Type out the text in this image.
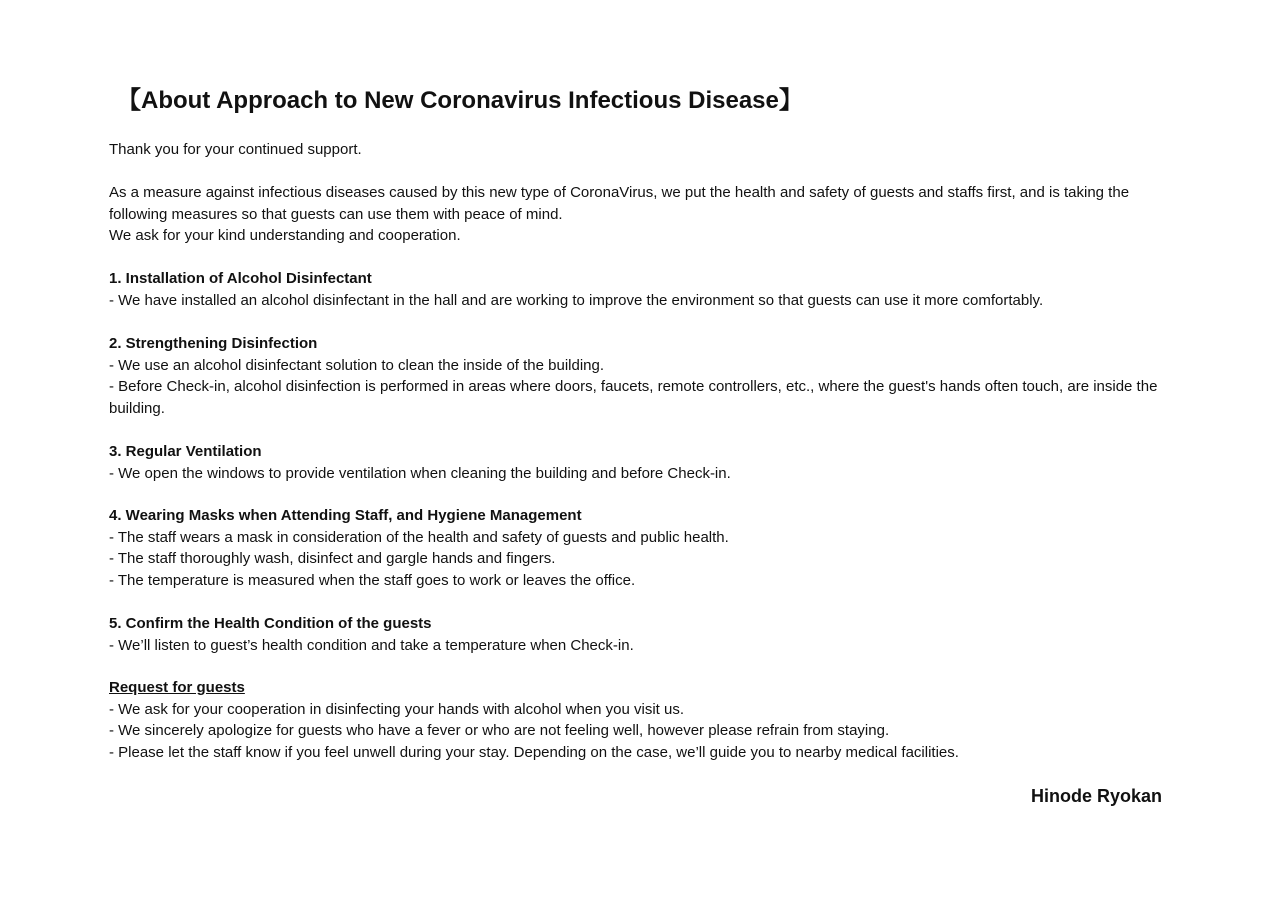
【About Approach to New Coronavirus Infectious Disease】

Thank you for your continued support.

As a measure against infectious diseases caused by this new type of CoronaVirus, we put the health and safety of guests and staffs first, and is taking the following measures so that guests can use them with peace of mind.

We ask for your kind understanding and cooperation.

1. Installation of Alcohol Disinfectant

- We have installed an alcohol disinfectant in the hall and are working to improve the environment so that guests can use it more comfortably.

2. Strengthening Disinfection

- We use an alcohol disinfectant solution to clean the inside of the building.

- Before Check-in, alcohol disinfection is performed in areas where doors, faucets, remote controllers, etc., where the guest's hands often touch, are inside the building.

3. Regular Ventilation

- We open the windows to provide ventilation when cleaning the building and before Check-in.

4. Wearing Masks when Attending Staff, and Hygiene Management

- The staff wears a mask in consideration of the health and safety of guests and public health.

- The staff thoroughly wash, disinfect and gargle hands and fingers.

- The temperature is measured when the staff goes to work or leaves the office.

5. Confirm the Health Condition of the guests

- We’ll listen to guest’s health condition and take a temperature when Check-in.

Request for guests

- We ask for your cooperation in disinfecting your hands with alcohol when you visit us.

- We sincerely apologize for guests who have a fever or who are not feeling well, however please refrain from staying.

- Please let the staff know if you feel unwell during your stay. Depending on the case, we’ll guide you to nearby medical facilities.

Hinode Ryokan
